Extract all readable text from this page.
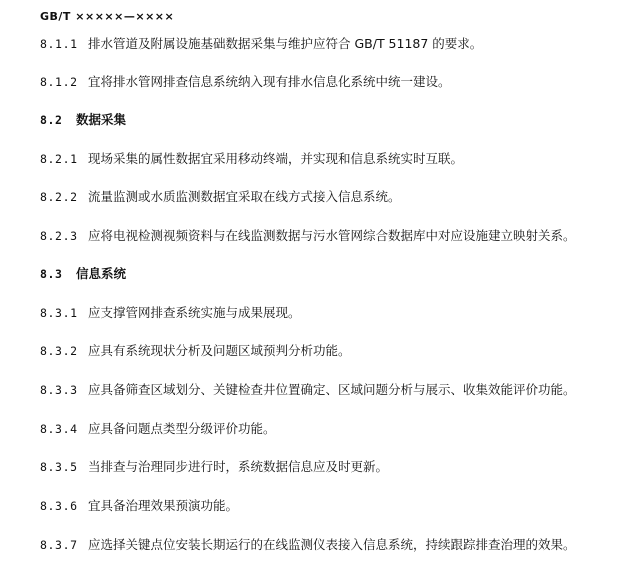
GB/T ×××××—××××
8.1.1 排水管道及附属设施基础数据采集与维护应符合 GB/T 51187 的要求。
8.1.2 宜将排水管网排查信息系统纳入现有排水信息化系统中统一建设。
8.2 数据采集
8.2.1 现场采集的属性数据宜采用移动终端，并实现和信息系统实时互联。
8.2.2 流量监测或水质监测数据宜采取在线方式接入信息系统。
8.2.3 应将电视检测视频资料与在线监测数据与污水管网综合数据库中对应设施建立映射关系。
8.3 信息系统
8.3.1 应支撑管网排查系统实施与成果展现。
8.3.2 应具有系统现状分析及问题区域预判分析功能。
8.3.3 应具备筛查区域划分、关键检查井位置确定、区域问题分析与展示、收集效能评价功能。
8.3.4 应具备问题点类型分级评价功能。
8.3.5 当排查与治理同步进行时，系统数据信息应及时更新。
8.3.6 宜具备治理效果预演功能。
8.3.7 应选择关键点位安装长期运行的在线监测仪表接入信息系统，持续跟踪排查治理的效果。
